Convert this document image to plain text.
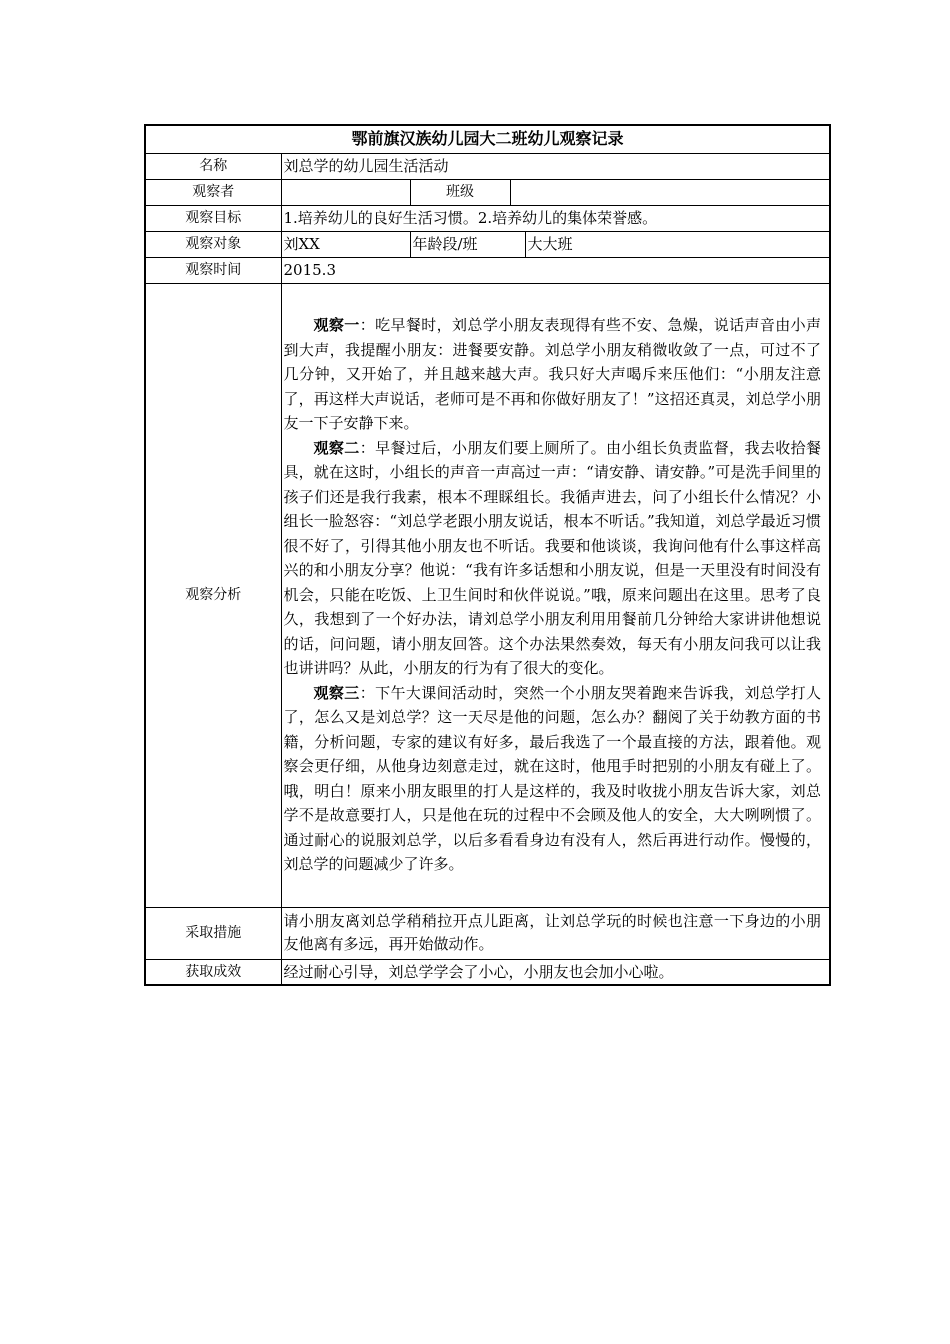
鄂前旗汉族幼儿园大二班幼儿观察记录				
名称	刘总学的幼儿园生活活动			
观察者		班级		
观察目标	1.培养幼儿的良好生活习惯。2.培养幼儿的集体荣誉感。			
观察对象	刘XX	年龄段/班		大大班
观察时间	2015.3			
观察分析	观察一：吃早餐时，刘总学小朋友表现得有些不安、急燥，说话声音由小声到大声，我提醒小朋友：进餐要安静。刘总学小朋友稍微收敛了一点，可过不了几分钟，又开始了，并且越来越大声。我只好大声喝斥来压他们：“小朋友注意了，再这样大声说话，老师可是不再和你做好朋友了！”这招还真灵，刘总学小朋友一下子安静下来。

观察二：早餐过后，小朋友们要上厕所了。由小组长负责监督，我去收拾餐具，就在这时，小组长的声音一声高过一声：“请安静、请安静。”可是洗手间里的孩子们还是我行我素，根本不理睬组长。我循声进去，问了小组长什么情况？小组长一脸怒容：“刘总学老跟小朋友说话，根本不听话。”我知道，刘总学最近习惯很不好了，引得其他小朋友也不听话。我要和他谈谈，我询问他有什么事这样高兴的和小朋友分享？他说：“我有许多话想和小朋友说，但是一天里没有时间没有机会，只能在吃饭、上卫生间时和伙伴说说。”哦，原来问题出在这里。思考了良久，我想到了一个好办法，请刘总学小朋友利用用餐前几分钟给大家讲讲他想说的话，问问题，请小朋友回答。这个办法果然奏效，每天有小朋友问我可以让我也讲讲吗？从此，小朋友的行为有了很大的变化。

观察三：下午大课间活动时，突然一个小朋友哭着跑来告诉我，刘总学打人了，怎么又是刘总学？这一天尽是他的问题，怎么办？翻阅了关于幼教方面的书籍，分析问题，专家的建议有好多，最后我选了一个最直接的方法，跟着他。观察会更仔细，从他身边刻意走过，就在这时，他甩手时把别的小朋友有碰上了。哦，明白！原来小朋友眼里的打人是这样的，我及时收拢小朋友告诉大家，刘总学不是故意要打人，只是他在玩的过程中不会顾及他人的安全，大大咧咧惯了。通过耐心的说服刘总学，以后多看看身边有没有人，然后再进行动作。慢慢的，刘总学的问题减少了许多。			

采取措施	请小朋友离刘总学稍稍拉开点儿距离，让刘总学玩的时候也注意一下身边的小朋友他离有多远，再开始做动作。			
获取成效	经过耐心引导，刘总学学会了小心，小朋友也会加小心啦。			
